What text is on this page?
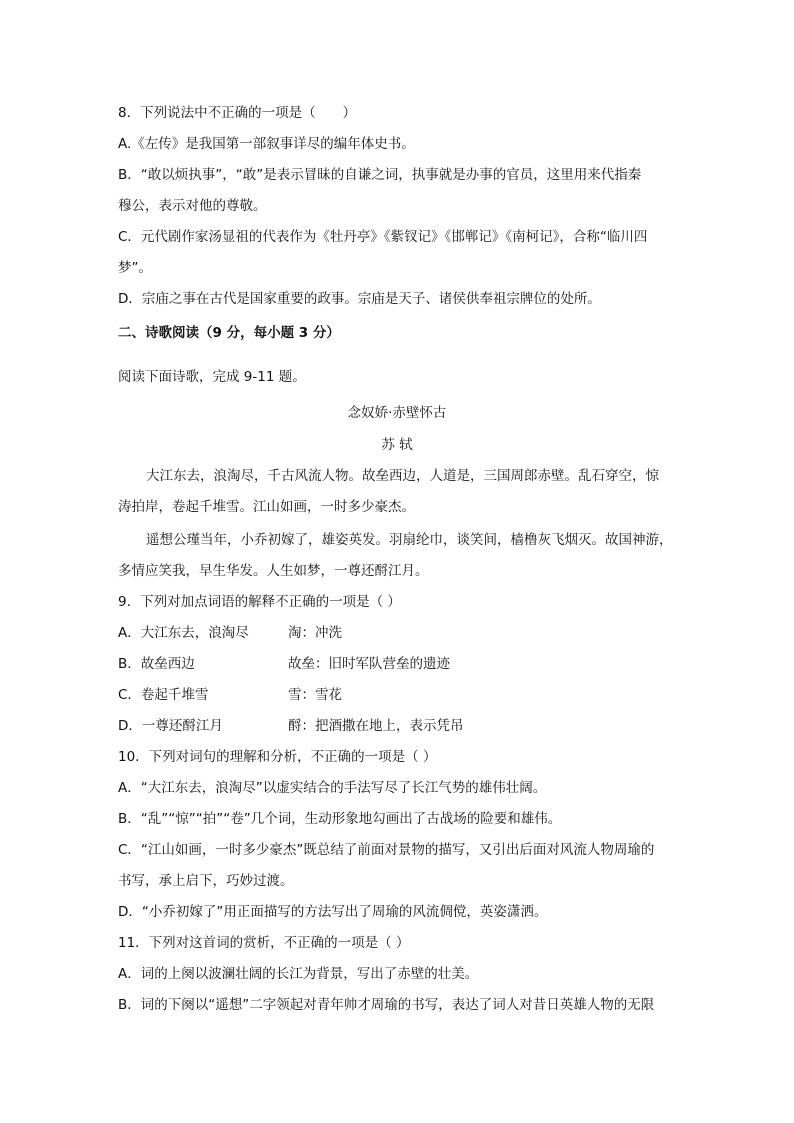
8．下列说法中不正确的一项是（　　）
A.《左传》是我国第一部叙事详尽的编年体史书。
B．“敢以烦执事”，“敢”是表示冒昧的自谦之词，执事就是办事的官员，这里用来代指秦
穆公，表示对他的尊敬。
C．元代剧作家汤显祖的代表作为《牡丹亭》《紫钗记》《邯郸记》《南柯记》，合称“临川四
梦”。
D．宗庙之事在古代是国家重要的政事。宗庙是天子、诸侯供奉祖宗牌位的处所。
二、诗歌阅读（9 分，每小题 3 分）
阅读下面诗歌，完成 9-11 题。
念奴娇·赤壁怀古
苏 轼
大江东去，浪淘尽，千古风流人物。故垒西边，人道是，三国周郎赤壁。乱石穿空，惊
涛拍岸，卷起千堆雪。江山如画，一时多少豪杰。
遥想公瑾当年，小乔初嫁了，雄姿英发。羽扇纶巾，谈笑间，樯橹灰飞烟灭。故国神游，
多情应笑我，早生华发。人生如梦，一尊还酹江月。
9．下列对加点词语的解释不正确的一项是（ ）
A．大江东去，浪淘尽	淘：冲洗
B．故垒西边	故垒：旧时军队营垒的遗迹
C．卷起千堆雪	雪：雪花
D．一尊还酹江月	酹：把酒撒在地上，表示凭吊
10．下列对词句的理解和分析，不正确的一项是（ ）
A．“大江东去，浪淘尽”以虚实结合的手法写尽了长江气势的雄伟壮阔。
B．“乱”“惊”“拍”“卷”几个词，生动形象地勾画出了古战场的险要和雄伟。
C．“江山如画，一时多少豪杰”既总结了前面对景物的描写，又引出后面对风流人物周瑜的
书写，承上启下，巧妙过渡。
D．“小乔初嫁了”用正面描写的方法写出了周瑜的风流倜傥，英姿潇洒。
11．下列对这首词的赏析，不正确的一项是（ ）
A．词的上阕以波澜壮阔的长江为背景，写出了赤壁的壮美。
B．词的下阕以“遥想”二字领起对青年帅才周瑜的书写，表达了词人对昔日英雄人物的无限
